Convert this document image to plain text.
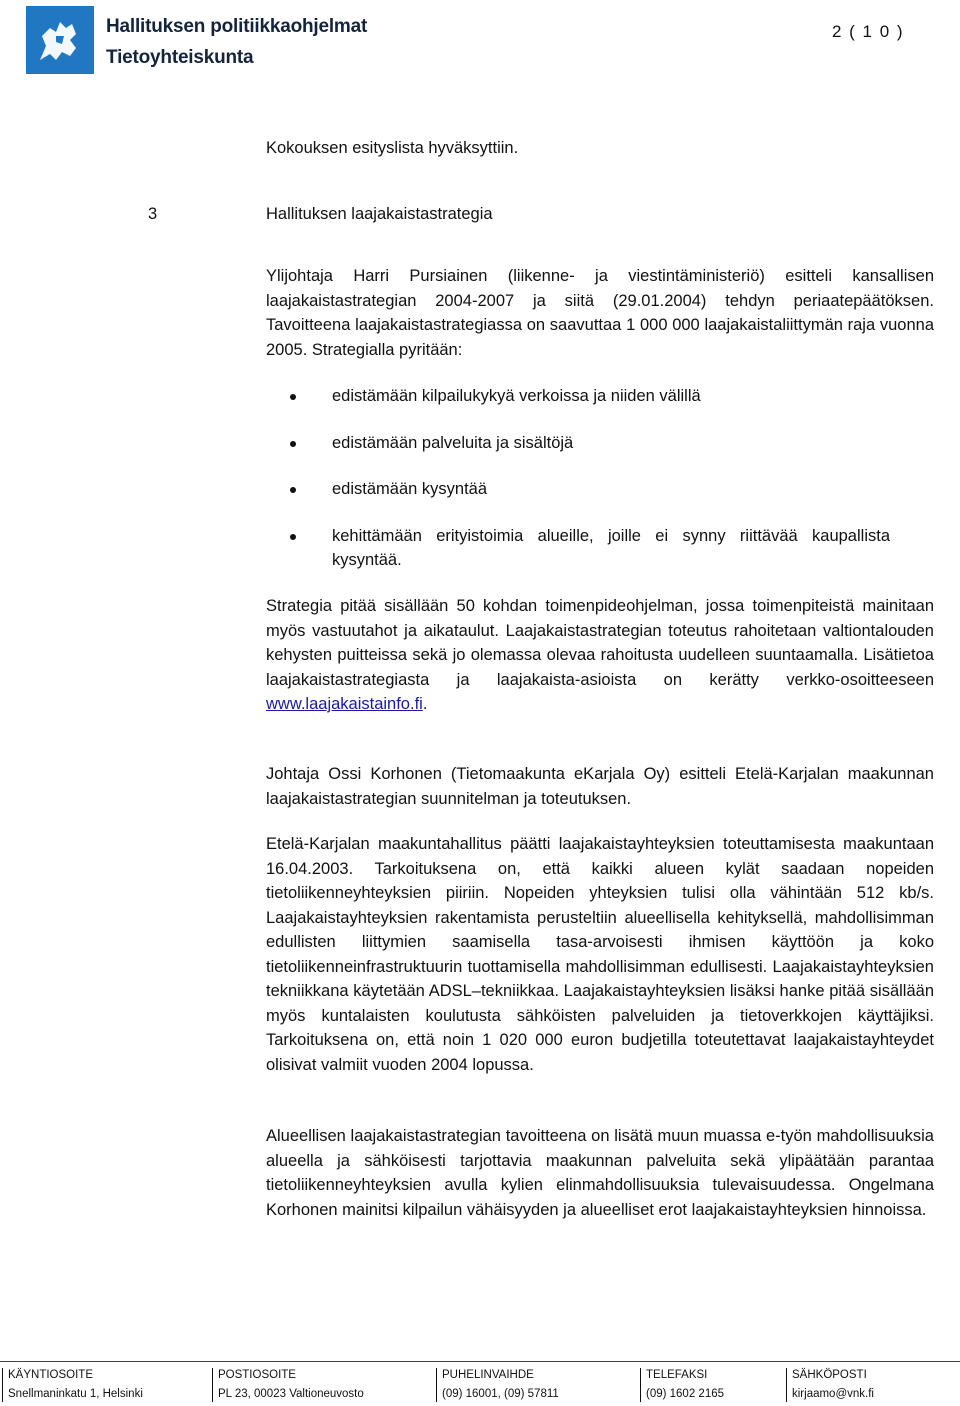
Hallituksen politiikkaohjelmat
Tietoyhteiskunta
2 ( 1 0 )

Kokouksen esityslista hyväksyttiin.

3	Hallituksen laajakaistastrategia

Ylijohtaja Harri Pursiainen (liikenne- ja viestintäministeriö) esitteli kansallisen laajakaistastrategian 2004-2007 ja siitä (29.01.2004) tehdyn periaatepäätöksen. Tavoitteena laajakaistastrategiassa on saavuttaa 1 000 000 laajakaistaliittymän raja vuonna 2005. Strategialla pyritään:

edistämään kilpailukykyä verkoissa ja niiden välillä
edistämään palveluita ja sisältöjä
edistämään kysyntää
kehittämään erityistoimia alueille, joille ei synny riittävää kaupallista kysyntää.

Strategia pitää sisällään 50 kohdan toimenpideohjelman, jossa toimenpiteistä mainitaan myös vastuutahot ja aikataulut. Laajakaistastrategian toteutus rahoitetaan valtiontalouden kehysten puitteissa sekä jo olemassa olevaa rahoitusta uudelleen suuntaamalla. Lisätietoa laajakaistastrategiasta ja laajakaista-asioista on kerätty verkko-osoitteeseen www.laajakaistainfo.fi.

Johtaja Ossi Korhonen (Tietomaakunta eKarjala Oy) esitteli Etelä-Karjalan maakunnan laajakaistastrategian suunnitelman ja toteutuksen.

Etelä-Karjalan maakuntahallitus päätti laajakaistayhteyksien toteuttamisesta maakuntaan 16.04.2003. Tarkoituksena on, että kaikki alueen kylät saadaan nopeiden tietoliikenneyhteyksien piiriin. Nopeiden yhteyksien tulisi olla vähintään 512 kb/s. Laajakaistayhteyksien rakentamista perusteltiin alueellisella kehityksellä, mahdollisimman edullisten liittymien saamisella tasa-arvoisesti ihmisen käyttöön ja koko tietoliikenneinfrastruktuurin tuottamisella mahdollisimman edullisesti. Laajakaistayhteyksien tekniikkana käytetään ADSL–tekniikkaa. Laajakaistayhteyksien lisäksi hanke pitää sisällään myös kuntalaisten koulutusta sähköisten palveluiden ja tietoverkkojen käyttäjiksi. Tarkoituksena on, että noin 1 020 000 euron budjetilla toteutettavat laajakaistayhteydet olisivat valmiit vuoden 2004 lopussa.

Alueellisen laajakaistastrategian tavoitteena on lisätä muun muassa e-työn mahdollisuuksia alueella ja sähköisesti tarjottavia maakunnan palveluita sekä ylipäätään parantaa tietoliikenneyhteyksien avulla kylien elinmahdollisuuksia tulevaisuudessa. Ongelmana Korhonen mainitsi kilpailun vähäisyyden ja alueelliset erot laajakaistayhteyksien hinnoissa.

KÄYNTIOSOITE
Snellmaninkatu 1, Helsinki
POSTIOSOITE
PL 23, 00023 Valtioneuvosto
PUHELINVAIHDE
(09) 16001, (09) 57811
TELEFAKSI
(09) 1602 2165
SÄHKÖPOSTI
kirjaamo@vnk.fi
